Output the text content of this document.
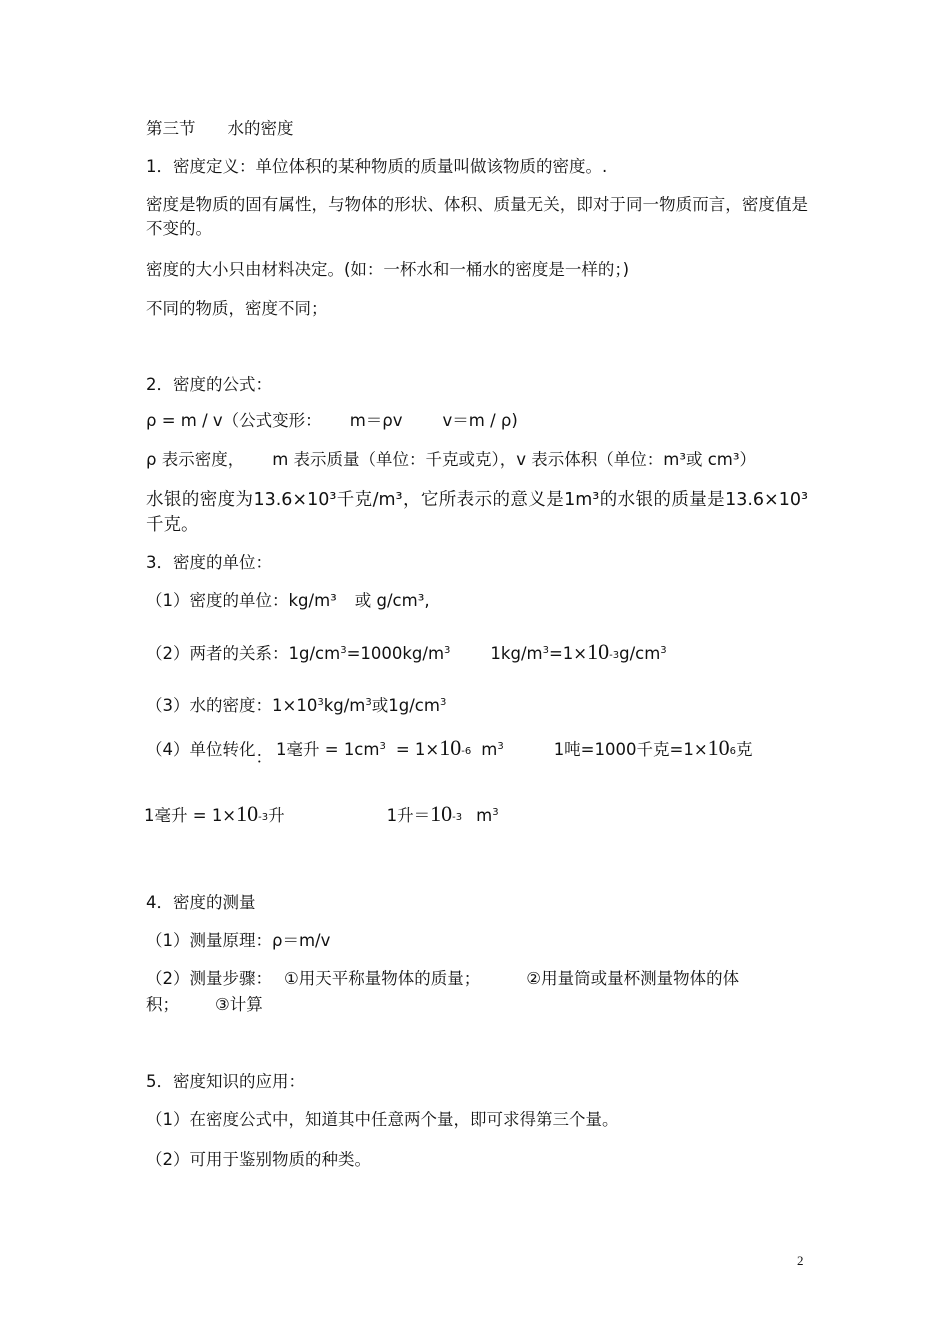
第三节 水的密度

1．密度定义：单位体积的某种物质的质量叫做该物质的密度。.

密度是物质的固有属性，与物体的形状、体积、质量无关，即对于同一物质而言，密度值是不变的。

密度的大小只由材料决定。(如：一杯水和一桶水的密度是一样的；)

不同的物质，密度不同；

2．密度的公式：

ρ = m / v（公式变形： m＝ρv v＝m / ρ)

ρ 表示密度， m 表示质量（单位：千克或克），v 表示体积（单位：m³或 cm³）

水银的密度为13.6×10³千克/m³，它所表示的意义是1m³的水银的质量是13.6×10³千克。

3．密度的单位：

（1）密度的单位：kg/m³ 或 g/cm³,

（2）两者的关系：$1g/cm^3=1000kg/m^3$ $1kg/m^3=1\times 10-3g/cm^3$

（3）水的密度：$1\times 10^3kg/m^3$或$1g/cm^3$

（4）单位转化： 1毫升 = $1cm^3 = 1\times 10-6$ $m^3$	1吨=1000千克=1×106克

1毫升 = 1×10-3升	1升＝10-3 $m^3$

4．密度的测量

（1）测量原理：ρ＝m/v

（2）测量步骤： ①用天平称量物体的质量；	②用量筒或量杯测量物体的体

积； ③计算

5．密度知识的应用：

（1）在密度公式中，知道其中任意两个量，即可求得第三个量。

（2）可用于鉴别物质的种类。

2
